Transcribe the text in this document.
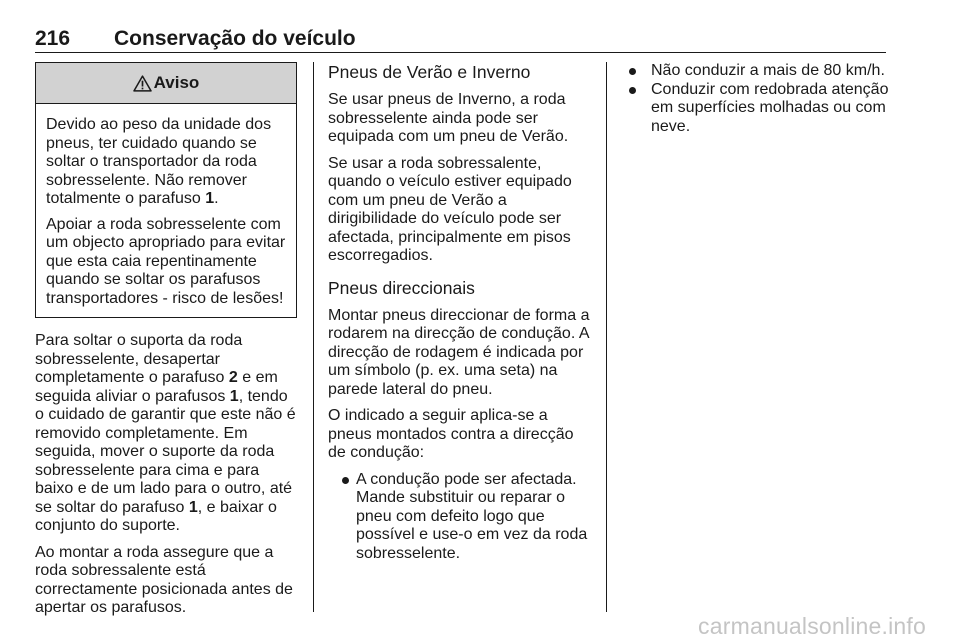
216 Conservação do veículo
Aviso

Devido ao peso da unidade dos pneus, ter cuidado quando se soltar o transportador da roda sobresselente. Não remover totalmente o parafuso 1.

Apoiar a roda sobresselente com um objecto apropriado para evitar que esta caia repentinamente quando se soltar os parafusos transportadores - risco de lesões!

Para soltar o suporta da roda sobresselente, desapertar completamente o parafuso 2 e em seguida aliviar o parafusos 1, tendo o cuidado de garantir que este não é removido completamente. Em seguida, mover o suporte da roda sobresselente para cima e para baixo e de um lado para o outro, até se soltar do parafuso 1, e baixar o conjunto do suporte.

Ao montar a roda assegure que a roda sobressalente está correctamente posicionada antes de apertar os parafusos.

Pneus de Verão e Inverno

Se usar pneus de Inverno, a roda sobresselente ainda pode ser equipada com um pneu de Verão.

Se usar a roda sobressalente, quando o veículo estiver equipado com um pneu de Verão a dirigibilidade do veículo pode ser afectada, principalmente em pisos escorregadios.

Pneus direccionais

Montar pneus direccionar de forma a rodarem na direcção de condução. A direcção de rodagem é indicada por um símbolo (p. ex. uma seta) na parede lateral do pneu.

O indicado a seguir aplica-se a pneus montados contra a direcção de condução:

A condução pode ser afectada. Mande substituir ou reparar o pneu com defeito logo que possível e use-o em vez da roda sobresselente.
Não conduzir a mais de 80 km/h.
Conduzir com redobrada atenção em superfícies molhadas ou com neve.
carmanualsonline.info
